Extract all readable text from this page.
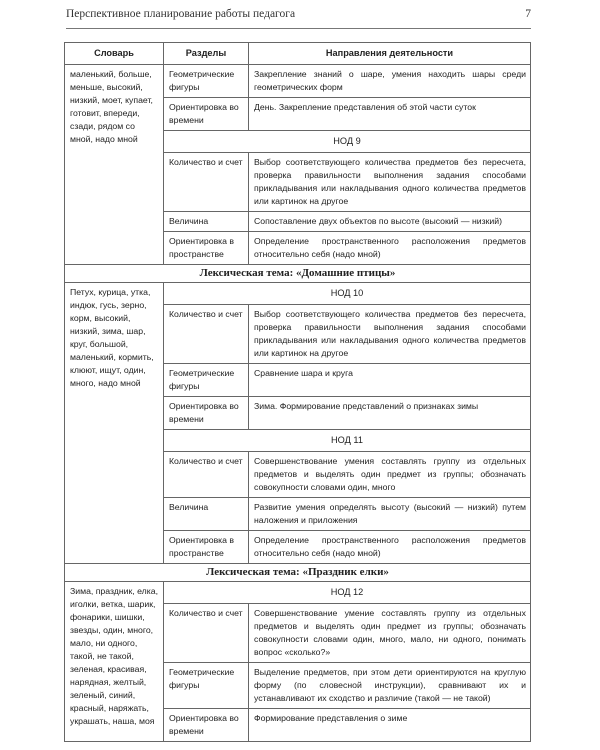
Перспективное планирование работы педагога	7
Словарь	Разделы	Направления деятельности
маленький, больше, меньше, высокий, низкий, моет, купает, готовит, впереди, сзади, рядом со мной, надо мной	Геометрические фигуры	Закрепление знаний о шаре, умения находить шары среди геометрических форм
	Ориентировка во времени	День. Закрепление представления об этой части суток
	НОД 9	
	Количество и счет	Выбор соответствующего количества предметов без пересчета, проверка правильности выполнения задания способами прикладывания или накладывания одного количества предметов или картинок на другое
	Величина	Сопоставление двух объектов по высоте (высокий — низкий)
	Ориентировка в пространстве	Определение пространственного расположения предметов относительно себя (надо мной)
Лексическая тема: «Домашние птицы»		
Петух, курица, утка, индюк, гусь, зерно, корм, высокий, низкий, зима, шар, круг, большой, маленький, кормить, клюют, ищут, один, много, надо мной	НОД 10	
	Количество и счет	Выбор соответствующего количества предметов без пересчета, проверка правильности выполнения задания способами прикладывания или накладывания одного количества предметов или картинок на другое
	Геометрические фигуры	Сравнение шара и круга
	Ориентировка во времени	Зима. Формирование представлений о признаках зимы
	НОД 11	
	Количество и счет	Совершенствование умения составлять группу из отдельных предметов и выделять один предмет из группы; обозначать совокупности словами один, много
	Величина	Развитие умения определять высоту (высокий — низкий) путем наложения и приложения
	Ориентировка в пространстве	Определение пространственного расположения предметов относительно себя (надо мной)
Лексическая тема: «Праздник елки»		
Зима, праздник, елка, иголки, ветка, шарик, фонарики, шишки, звезды, один, много, мало, ни одного, такой, не такой, зеленая, красивая, нарядная, желтый, зеленый, синий, красный, наряжать, украшать, наша, моя	НОД 12	
	Количество и счет	Совершенствование умение составлять группу из отдельных предметов и выделять один предмет из группы; обозначать совокупности словами один, много, мало, ни одного, понимать вопрос «сколько?»
	Геометрические фигуры	Выделение предметов, при этом дети ориентируются на круглую форму (по словесной инструкции), сравнивают их и устанавливают их сходство и различие (такой — не такой)
	Ориентировка во времени	Формирование представления о зиме
